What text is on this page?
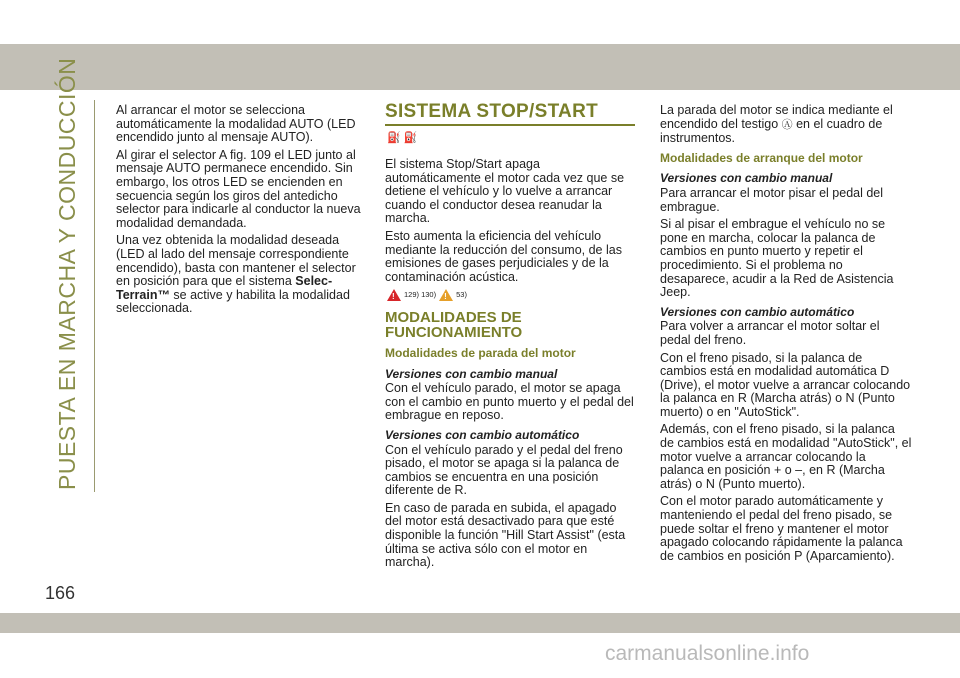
PUESTA EN MARCHA Y CONDUCCIÓN	Al arrancar el motor se selecciona automáticamente la modalidad AUTO (LED encendido junto al mensaje AUTO).

Al girar el selector A fig. 109 el LED junto al mensaje AUTO permanece encendido. Sin embargo, los otros LED se encienden en secuencia según los giros del antedicho selector para indicarle al conductor la nueva modalidad demandada.

Una vez obtenida la modalidad deseada (LED al lado del mensaje correspondiente encendido), basta con mantener el selector en posición para que el sistema Selec-Terrain™ se active y habilita la modalidad seleccionada.

SISTEMA STOP/START
⛽ ⛽

El sistema Stop/Start apaga automáticamente el motor cada vez que se detiene el vehículo y lo vuelve a arrancar cuando el conductor desea reanudar la marcha.

Esto aumenta la eficiencia del vehículo mediante la reducción del consumo, de las emisiones de gases perjudiciales y de la contaminación acústica.

!
129) 130)
!	53)
MODALIDADES DE FUNCIONAMIENTO
Modalidades de parada del motor
Versiones con cambio manual

Con el vehículo parado, el motor se apaga con el cambio en punto muerto y el pedal del embrague en reposo.

Versiones con cambio automático

Con el vehículo parado y el pedal del freno pisado, el motor se apaga si la palanca de cambios se encuentra en una posición diferente de R.

En caso de parada en subida, el apagado del motor está desactivado para que esté disponible la función "Hill Start Assist" (esta última se activa sólo con el motor en marcha).

La parada del motor se indica mediante el encendido del testigo Ⓐ en el cuadro de instrumentos.

Modalidades de arranque del motor
Versiones con cambio manual

Para arrancar el motor pisar el pedal del embrague.

Si al pisar el embrague el vehículo no se pone en marcha, colocar la palanca de cambios en punto muerto y repetir el procedimiento. Si el problema no desaparece, acudir a la Red de Asistencia Jeep.

Versiones con cambio automático

Para volver a arrancar el motor soltar el pedal del freno.

Con el freno pisado, si la palanca de cambios está en modalidad automática D (Drive), el motor vuelve a arrancar colocando la palanca en R (Marcha atrás) o N (Punto muerto) o en "AutoStick".

Además, con el freno pisado, si la palanca de cambios está en modalidad "AutoStick", el motor vuelve a arrancar colocando la palanca en posición + o –, en R (Marcha atrás) o N (Punto muerto).

Con el motor parado automáticamente y manteniendo el pedal del freno pisado, se puede soltar el freno y mantener el motor apagado colocando rápidamente la palanca de cambios en posición P (Aparcamiento).

166
carmanualsonline.info
